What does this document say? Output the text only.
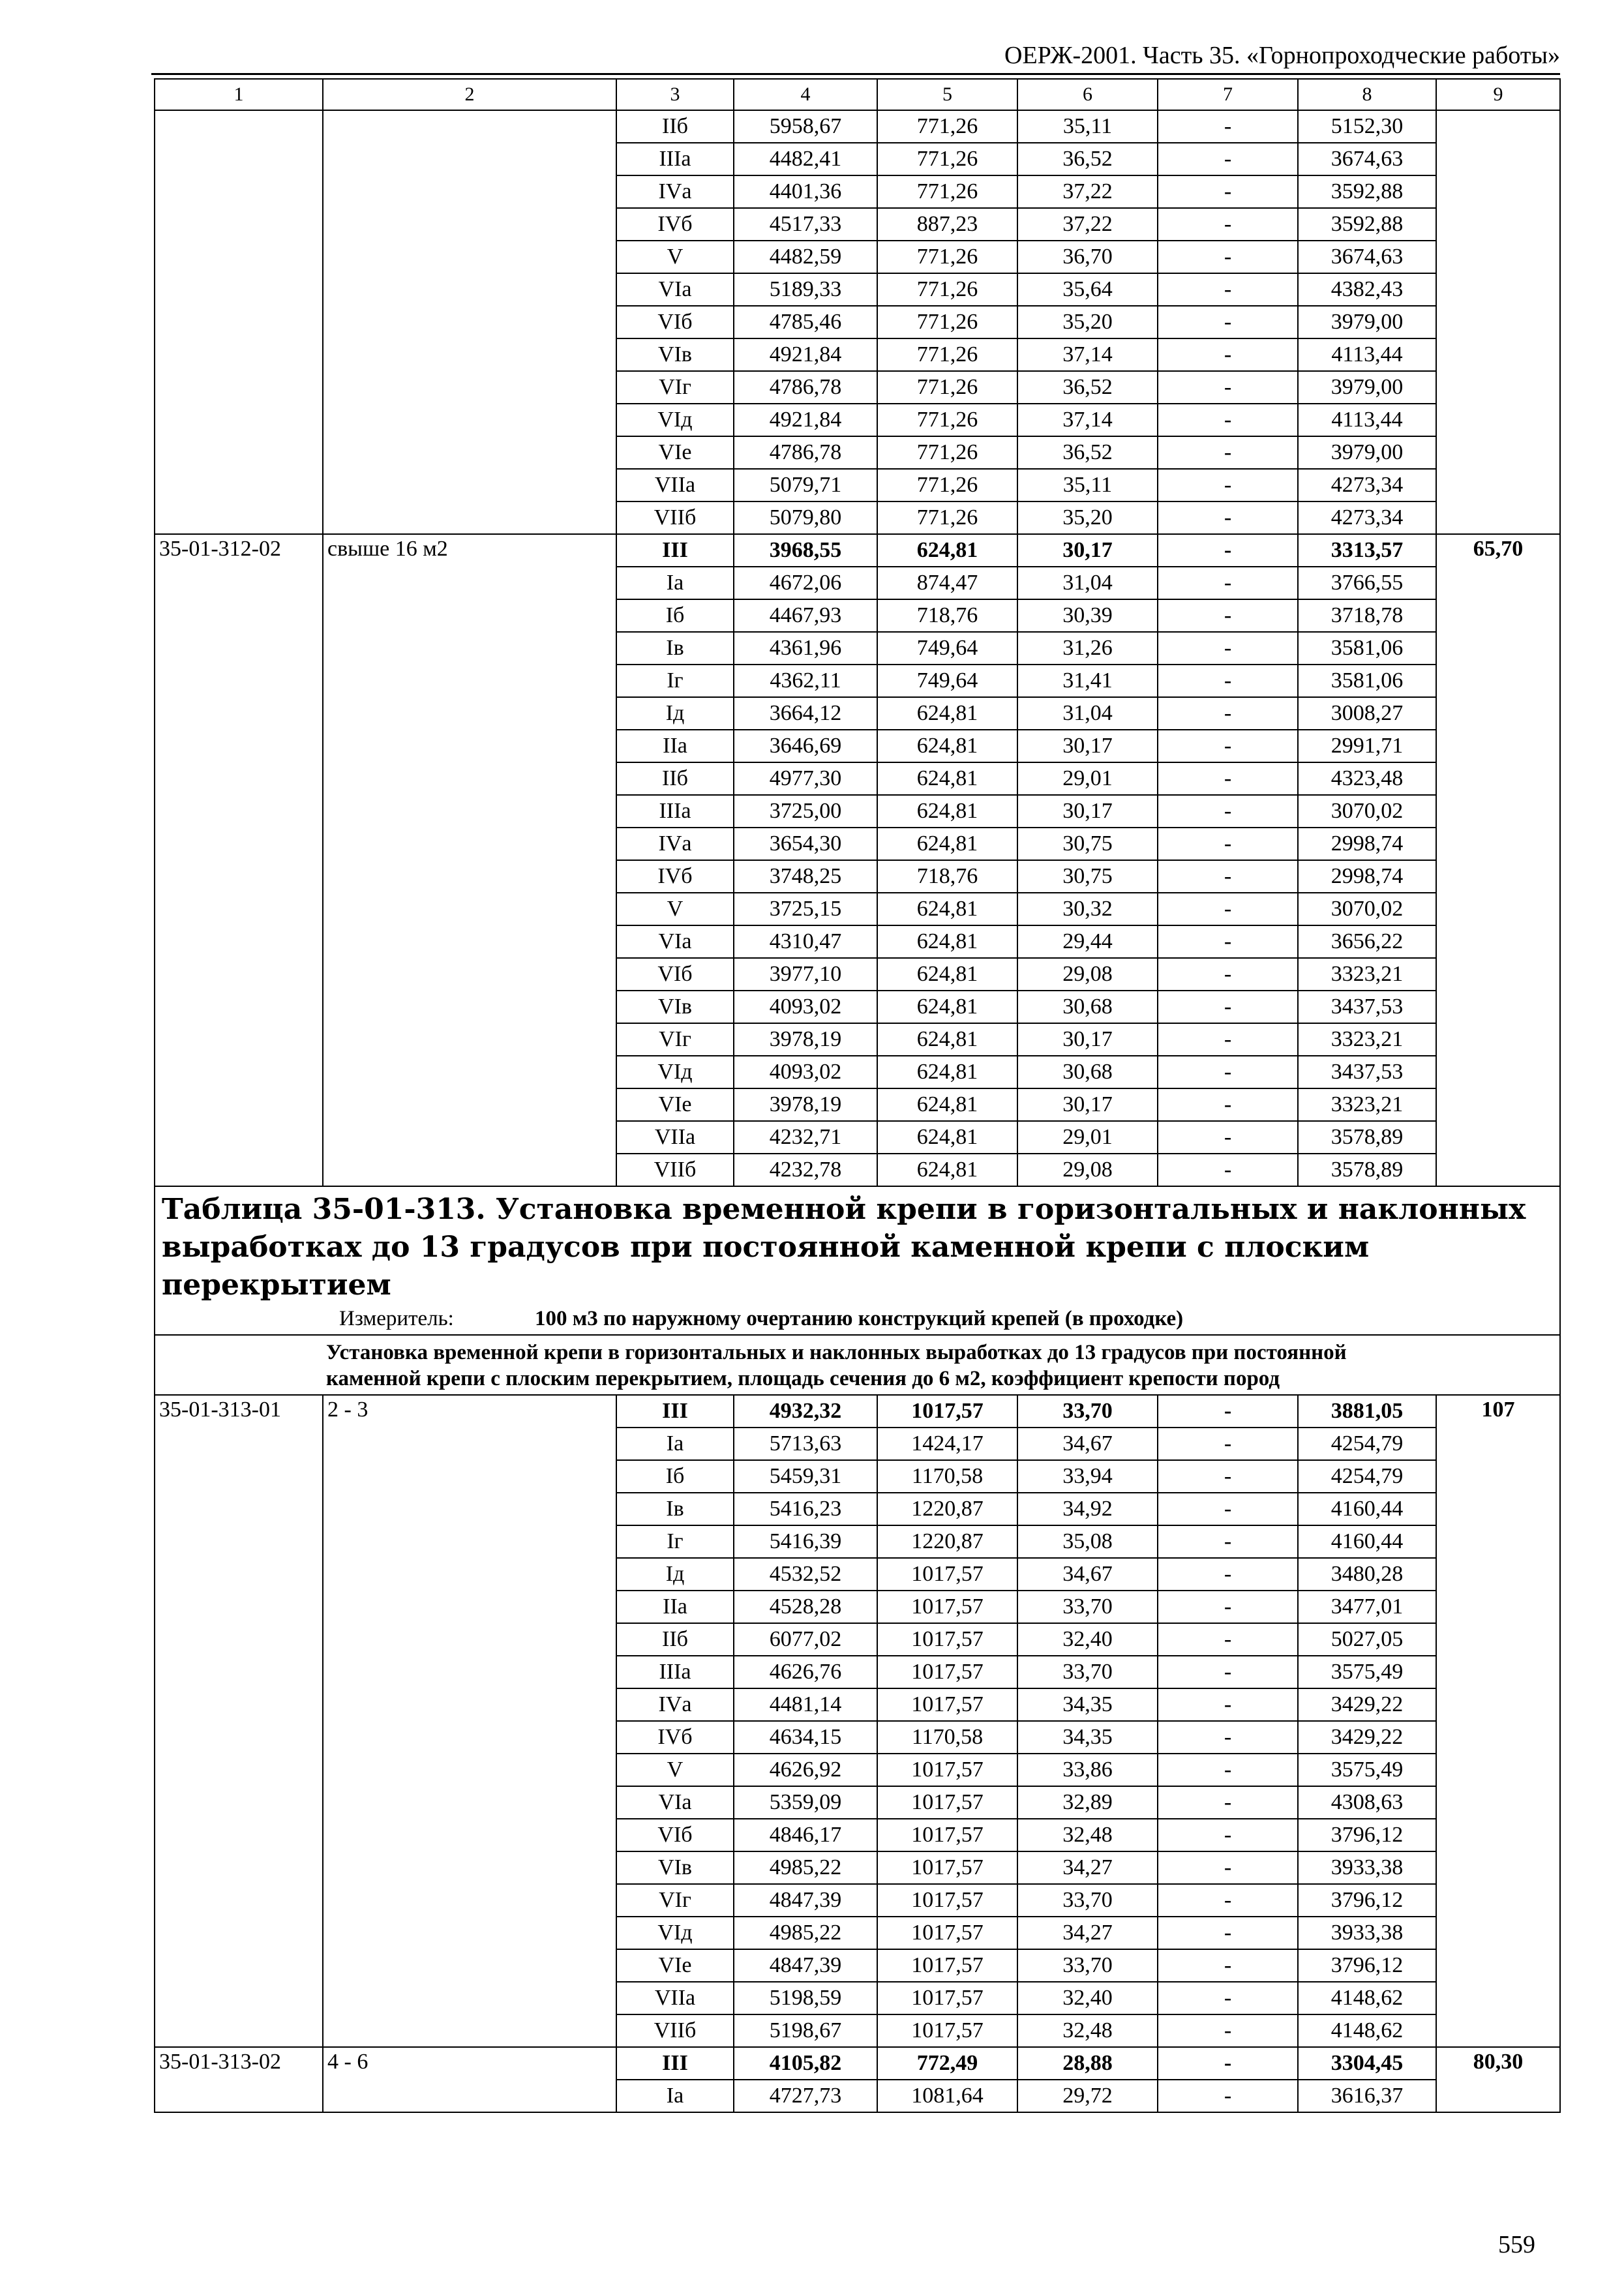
ОЕРЖ-2001. Часть 35. «Горнопроходческие работы»
1	2	3	4	5	6	7	8	9
		IIб	5958,67	771,26	35,11	-	5152,30	
		IIIа	4482,41	771,26	36,52	-	3674,63	
		IVа	4401,36	771,26	37,22	-	3592,88	
		IVб	4517,33	887,23	37,22	-	3592,88	
		V	4482,59	771,26	36,70	-	3674,63	
		VIа	5189,33	771,26	35,64	-	4382,43	
		VIб	4785,46	771,26	35,20	-	3979,00	
		VIв	4921,84	771,26	37,14	-	4113,44	
		VIг	4786,78	771,26	36,52	-	3979,00	
		VIд	4921,84	771,26	37,14	-	4113,44	
		VIе	4786,78	771,26	36,52	-	3979,00	
		VIIа	5079,71	771,26	35,11	-	4273,34	
		VIIб	5079,80	771,26	35,20	-	4273,34	
35-01-312-02	свыше 16 м2	III	3968,55	624,81	30,17	-	3313,57	65,70
		Iа	4672,06	874,47	31,04	-	3766,55	
		Iб	4467,93	718,76	30,39	-	3718,78	
		Iв	4361,96	749,64	31,26	-	3581,06	
		Iг	4362,11	749,64	31,41	-	3581,06	
		Iд	3664,12	624,81	31,04	-	3008,27	
		IIа	3646,69	624,81	30,17	-	2991,71	
		IIб	4977,30	624,81	29,01	-	4323,48	
		IIIа	3725,00	624,81	30,17	-	3070,02	
		IVа	3654,30	624,81	30,75	-	2998,74	
		IVб	3748,25	718,76	30,75	-	2998,74	
		V	3725,15	624,81	30,32	-	3070,02	
		VIа	4310,47	624,81	29,44	-	3656,22	
		VIб	3977,10	624,81	29,08	-	3323,21	
		VIв	4093,02	624,81	30,68	-	3437,53	
		VIг	3978,19	624,81	30,17	-	3323,21	
		VIд	4093,02	624,81	30,68	-	3437,53	
		VIе	3978,19	624,81	30,17	-	3323,21	
		VIIа	4232,71	624,81	29,01	-	3578,89	
		VIIб	4232,78	624,81	29,08	-	3578,89	

Таблица 35-01-313. Установка временной крепи в горизонтальных и наклонных
выработках до 13 градусов при постоянной каменной крепи с плоским перекрытием
Измеритель: 100 м3 по наружному очертанию конструкций крепей (в проходке)								

Установка временной крепи в горизонтальных и наклонных выработках до 13 градусов при постоянной
каменной крепи с плоским перекрытием, площадь сечения до 6 м2, коэффициент крепости пород								

35-01-313-01	2 - 3	III	4932,32	1017,57	33,70	-	3881,05	107
		Iа	5713,63	1424,17	34,67	-	4254,79	
		Iб	5459,31	1170,58	33,94	-	4254,79	
		Iв	5416,23	1220,87	34,92	-	4160,44	
		Iг	5416,39	1220,87	35,08	-	4160,44	
		Iд	4532,52	1017,57	34,67	-	3480,28	
		IIа	4528,28	1017,57	33,70	-	3477,01	
		IIб	6077,02	1017,57	32,40	-	5027,05	
		IIIа	4626,76	1017,57	33,70	-	3575,49	
		IVа	4481,14	1017,57	34,35	-	3429,22	
		IVб	4634,15	1170,58	34,35	-	3429,22	
		V	4626,92	1017,57	33,86	-	3575,49	
		VIа	5359,09	1017,57	32,89	-	4308,63	
		VIб	4846,17	1017,57	32,48	-	3796,12	
		VIв	4985,22	1017,57	34,27	-	3933,38	
		VIг	4847,39	1017,57	33,70	-	3796,12	
		VIд	4985,22	1017,57	34,27	-	3933,38	
		VIе	4847,39	1017,57	33,70	-	3796,12	
		VIIа	5198,59	1017,57	32,40	-	4148,62	
		VIIб	5198,67	1017,57	32,48	-	4148,62	
35-01-313-02	4 - 6	III	4105,82	772,49	28,88	-	3304,45	80,30
		Iа	4727,73	1081,64	29,72	-	3616,37	
559
